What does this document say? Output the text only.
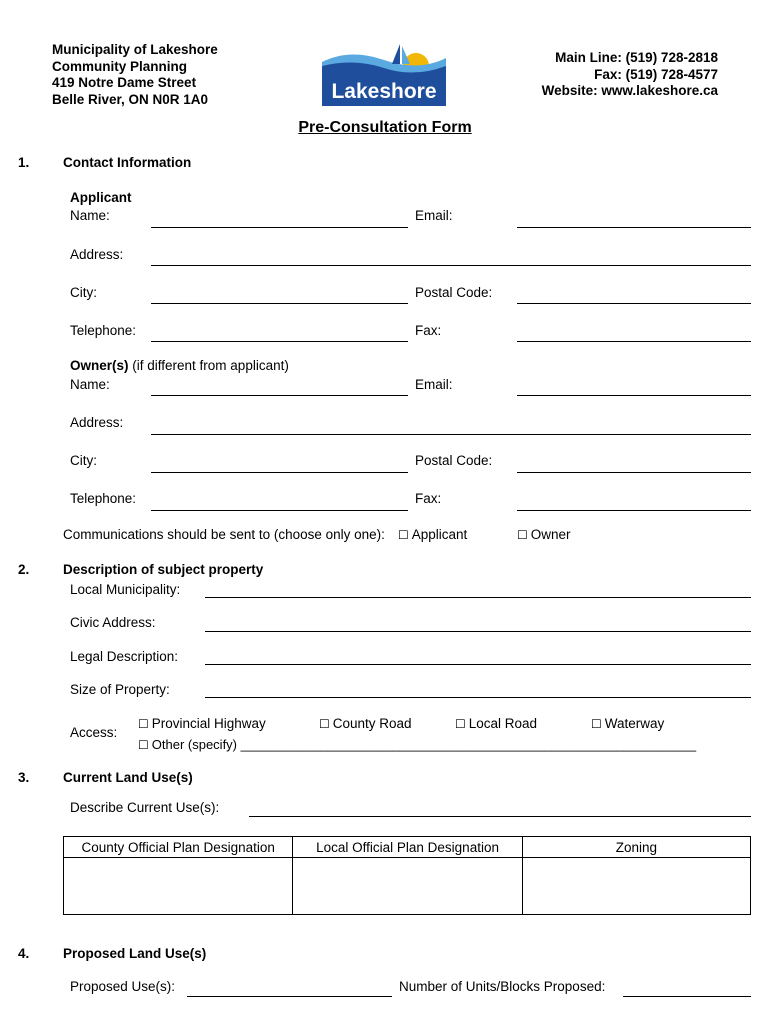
Municipality of Lakeshore
Community Planning
419 Notre Dame Street
Belle River, ON N0R 1A0	Lakeshore
Main Line: (519) 728-2818
Fax: (519) 728-4577
Website: www.lakeshore.ca
Pre-Consultation Form
1. Contact Information
Applicant
Name:	Email:
Address:
City:	Postal Code:
Telephone:	Fax:
Owner(s) (if different from applicant)
Name:	Email:
Address:
City:	Postal Code:
Telephone:	Fax:
Communications should be sent to (choose only one): ☐ Applicant	☐ Owner
2. Description of subject property
Local Municipality:
Civic Address:
Legal Description:
Size of Property:
Access:
☐ Provincial Highway	☐ County Road	☐ Local Road	☐ Waterway
☐ Other (specify) _______________________________________________________________
3. Current Land Use(s)
Describe Current Use(s):
County Official Plan Designation	Local Official Plan Designation	Zoning

4. Proposed Land Use(s)
Proposed Use(s):	Number of Units/Blocks Proposed:
